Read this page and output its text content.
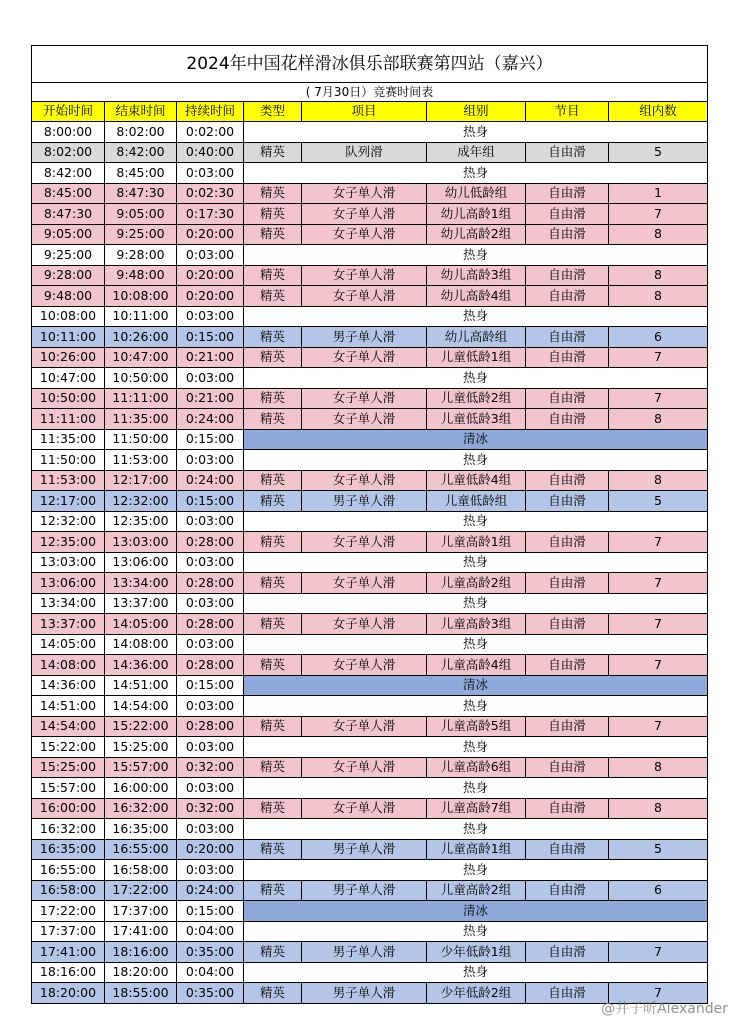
2024年中国花样滑冰俱乐部联赛第四站（嘉兴）							
( 7月30日）竞赛时间表							
开始时间	结束时间	持续时间	类型	项目	组别	节目	组内数
8:00:00	8:02:00	0:02:00	热身				
8:02:00	8:42:00	0:40:00	精英	队列滑	成年组	自由滑	5
8:42:00	8:45:00	0:03:00	热身				
8:45:00	8:47:30	0:02:30	精英	女子单人滑	幼儿低龄组	自由滑	1
8:47:30	9:05:00	0:17:30	精英	女子单人滑	幼儿高龄1组	自由滑	7
9:05:00	9:25:00	0:20:00	精英	女子单人滑	幼儿高龄2组	自由滑	8
9:25:00	9:28:00	0:03:00	热身				
9:28:00	9:48:00	0:20:00	精英	女子单人滑	幼儿高龄3组	自由滑	8
9:48:00	10:08:00	0:20:00	精英	女子单人滑	幼儿高龄4组	自由滑	8
10:08:00	10:11:00	0:03:00	热身				
10:11:00	10:26:00	0:15:00	精英	男子单人滑	幼儿高龄组	自由滑	6
10:26:00	10:47:00	0:21:00	精英	女子单人滑	儿童低龄1组	自由滑	7
10:47:00	10:50:00	0:03:00	热身				
10:50:00	11:11:00	0:21:00	精英	女子单人滑	儿童低龄2组	自由滑	7
11:11:00	11:35:00	0:24:00	精英	女子单人滑	儿童低龄3组	自由滑	8
11:35:00	11:50:00	0:15:00	清冰				
11:50:00	11:53:00	0:03:00	热身				
11:53:00	12:17:00	0:24:00	精英	女子单人滑	儿童低龄4组	自由滑	8
12:17:00	12:32:00	0:15:00	精英	男子单人滑	儿童低龄组	自由滑	5
12:32:00	12:35:00	0:03:00	热身				
12:35:00	13:03:00	0:28:00	精英	女子单人滑	儿童高龄1组	自由滑	7
13:03:00	13:06:00	0:03:00	热身				
13:06:00	13:34:00	0:28:00	精英	女子单人滑	儿童高龄2组	自由滑	7
13:34:00	13:37:00	0:03:00	热身				
13:37:00	14:05:00	0:28:00	精英	女子单人滑	儿童高龄3组	自由滑	7
14:05:00	14:08:00	0:03:00	热身				
14:08:00	14:36:00	0:28:00	精英	女子单人滑	儿童高龄4组	自由滑	7
14:36:00	14:51:00	0:15:00	清冰				
14:51:00	14:54:00	0:03:00	热身				
14:54:00	15:22:00	0:28:00	精英	女子单人滑	儿童高龄5组	自由滑	7
15:22:00	15:25:00	0:03:00	热身				
15:25:00	15:57:00	0:32:00	精英	女子单人滑	儿童高龄6组	自由滑	8
15:57:00	16:00:00	0:03:00	热身				
16:00:00	16:32:00	0:32:00	精英	女子单人滑	儿童高龄7组	自由滑	8
16:32:00	16:35:00	0:03:00	热身				
16:35:00	16:55:00	0:20:00	精英	男子单人滑	儿童高龄1组	自由滑	5
16:55:00	16:58:00	0:03:00	热身				
16:58:00	17:22:00	0:24:00	精英	男子单人滑	儿童高龄2组	自由滑	6
17:22:00	17:37:00	0:15:00	清冰				
17:37:00	17:41:00	0:04:00	热身				
17:41:00	18:16:00	0:35:00	精英	男子单人滑	少年低龄1组	自由滑	7
18:16:00	18:20:00	0:04:00	热身				
18:20:00	18:55:00	0:35:00	精英	男子单人滑	少年低龄2组	自由滑	7
@井子昕Alexander
